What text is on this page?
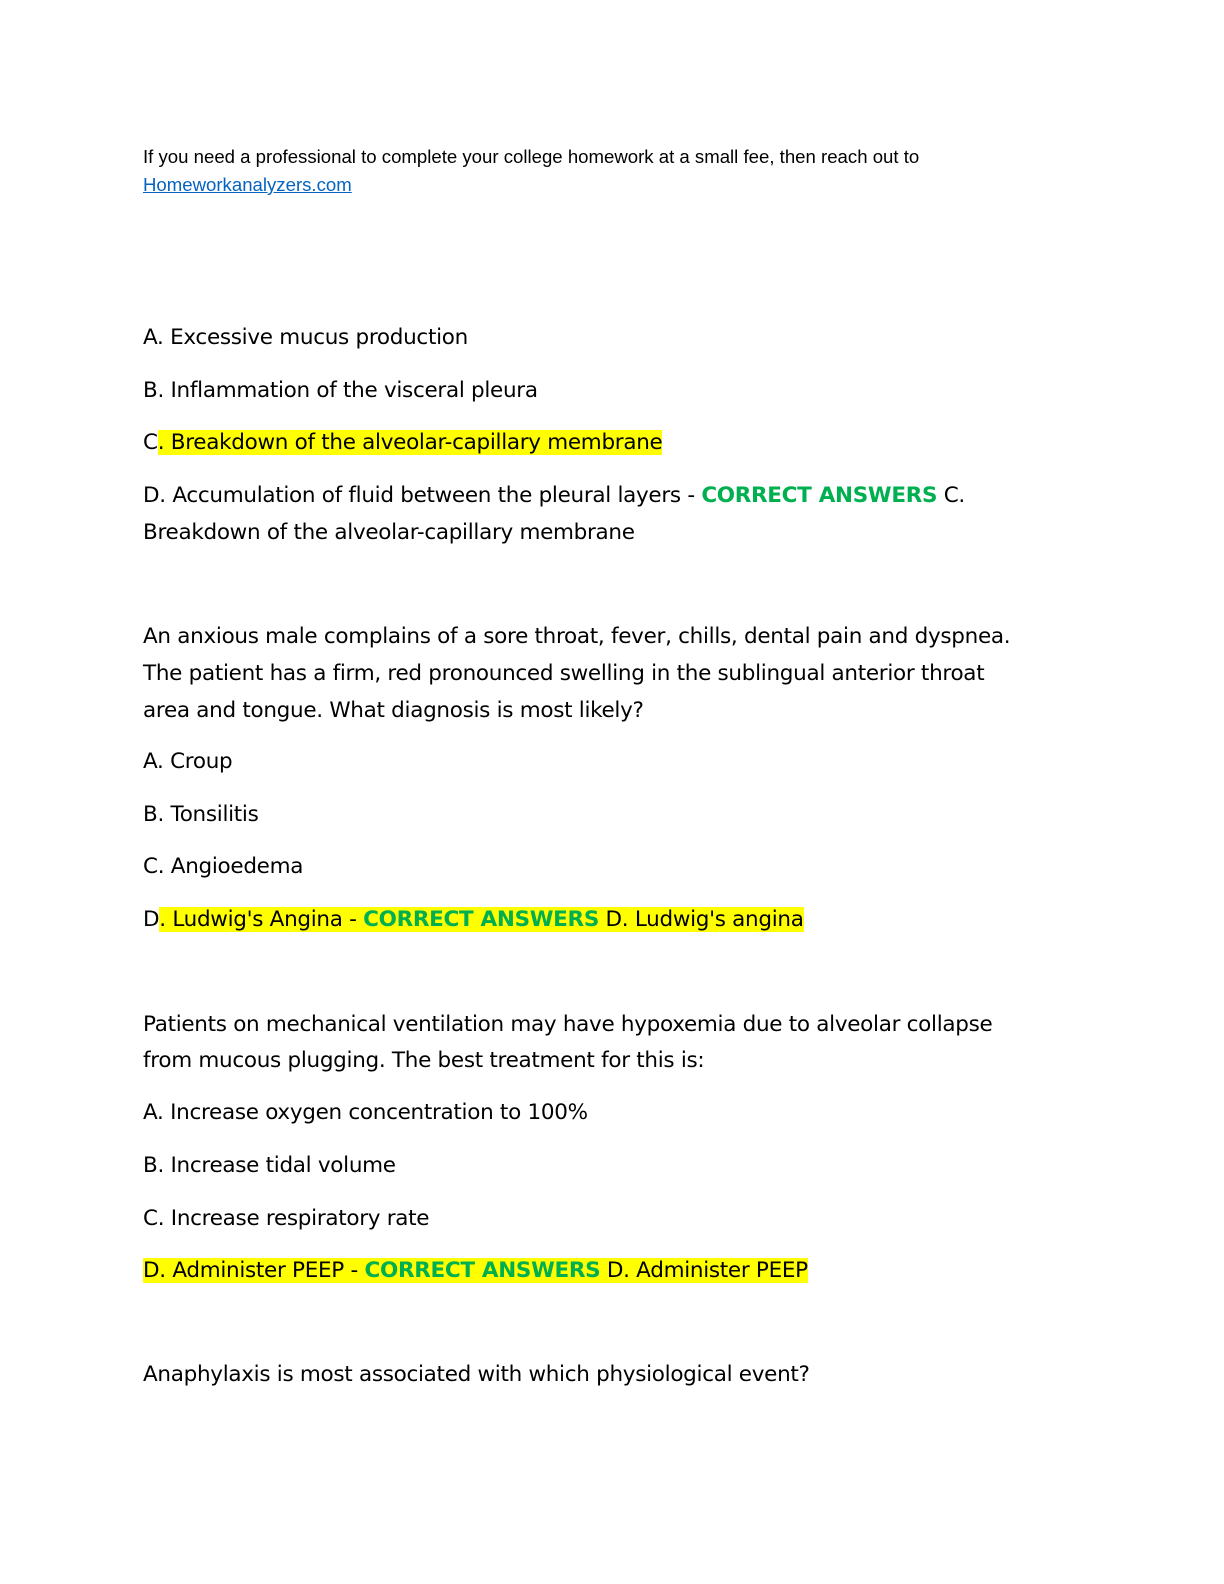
If you need a professional to complete your college homework at a small fee, then reach out to
Homeworkanalyzers.com
A. Excessive mucus production
B. Inflammation of the visceral pleura
C. Breakdown of the alveolar-capillary membrane
D. Accumulation of fluid between the pleural layers - CORRECT ANSWERS C.
Breakdown of the alveolar-capillary membrane
An anxious male complains of a sore throat, fever, chills, dental pain and dyspnea.
The patient has a firm, red pronounced swelling in the sublingual anterior throat
area and tongue. What diagnosis is most likely?
A. Croup
B. Tonsilitis
C. Angioedema
D. Ludwig's Angina - CORRECT ANSWERS D. Ludwig's angina
Patients on mechanical ventilation may have hypoxemia due to alveolar collapse
from mucous plugging. The best treatment for this is:
A. Increase oxygen concentration to 100%
B. Increase tidal volume
C. Increase respiratory rate
D. Administer PEEP - CORRECT ANSWERS D. Administer PEEP
Anaphylaxis is most associated with which physiological event?
